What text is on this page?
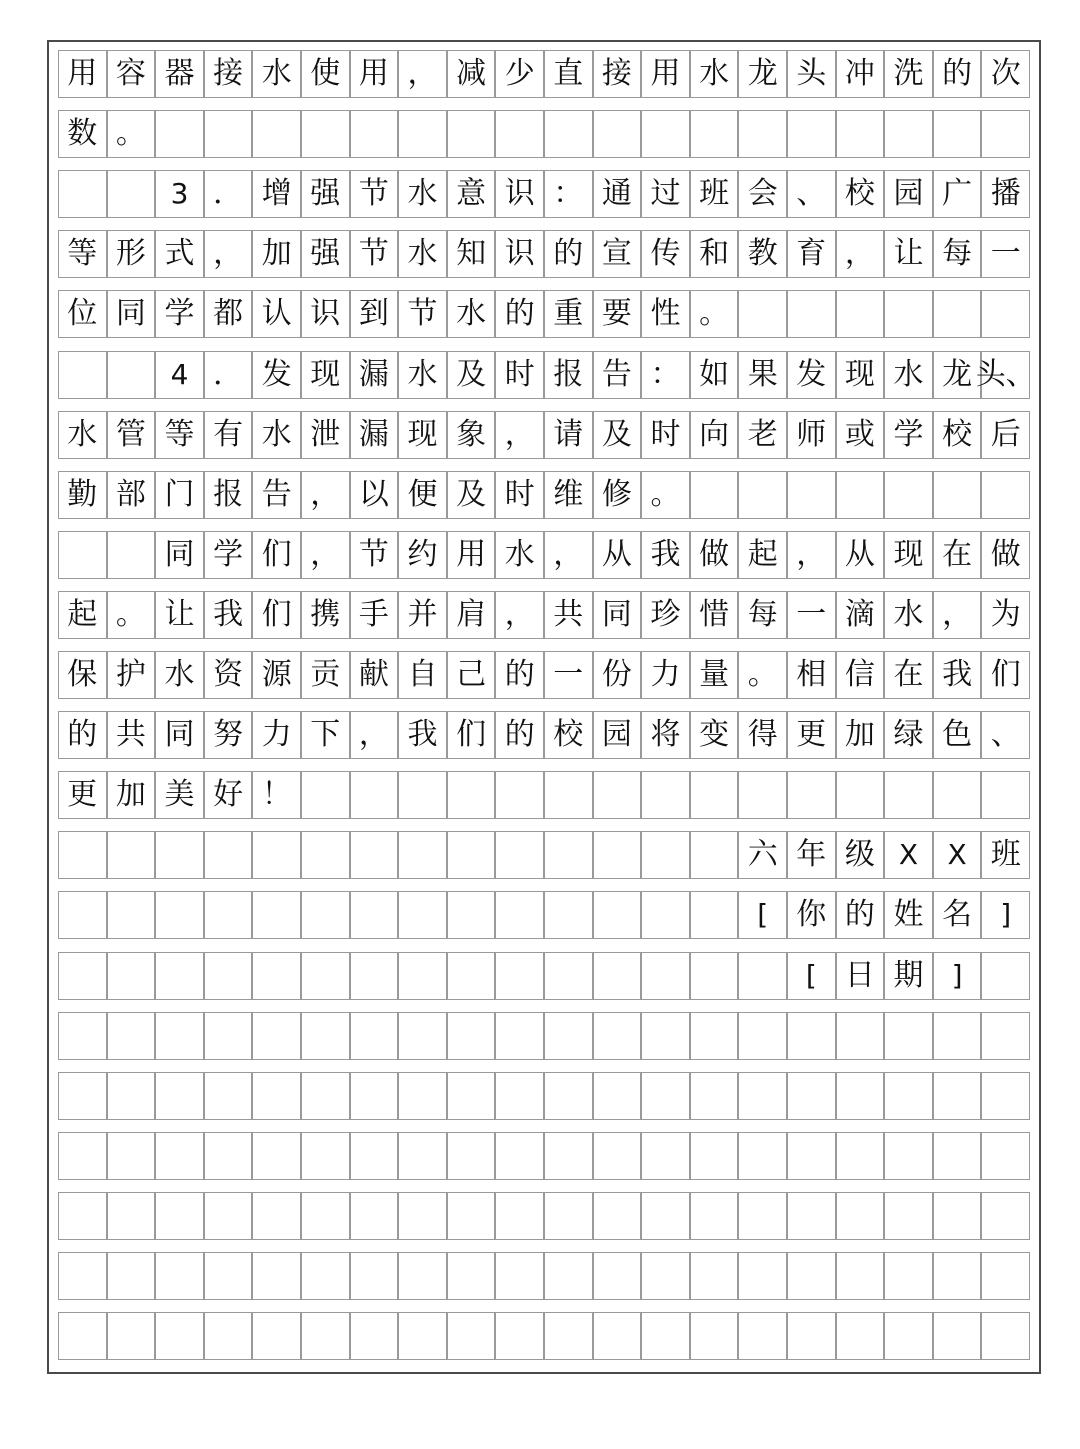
用 容 器 接 水 使 用 ， 减 少 直 接 用 水 龙 头 冲 洗 的 次
数 。
3 ． 增 强 节 水 意 识 ： 通 过 班 会 、 校 园 广 播
等 形 式 ， 加 强 节 水 知 识 的 宣 传 和 教 育 ， 让 每 一
位 同 学 都 认 识 到 节 水 的 重 要 性 。
4 ． 发 现 漏 水 及 时 报 告 ： 如 果 发 现 水 龙 头、
水 管 等 有 水 泄 漏 现 象 ， 请 及 时 向 老 师 或 学 校 后
勤 部 门 报 告 ， 以 便 及 时 维 修 。
同 学 们 ， 节 约 用 水 ， 从 我 做 起 ， 从 现 在 做
起 。 让 我 们 携 手 并 肩 ， 共 同 珍 惜 每 一 滴 水 ， 为
保 护 水 资 源 贡 献 自 己 的 一 份 力 量 。 相 信 在 我 们
的 共 同 努 力 下 ， 我 们 的 校 园 将 变 得 更 加 绿 色 、
更 加 美 好 ！
六 年 级 X	X 班
[ 你 的 姓 名	]
[ 日 期	]
